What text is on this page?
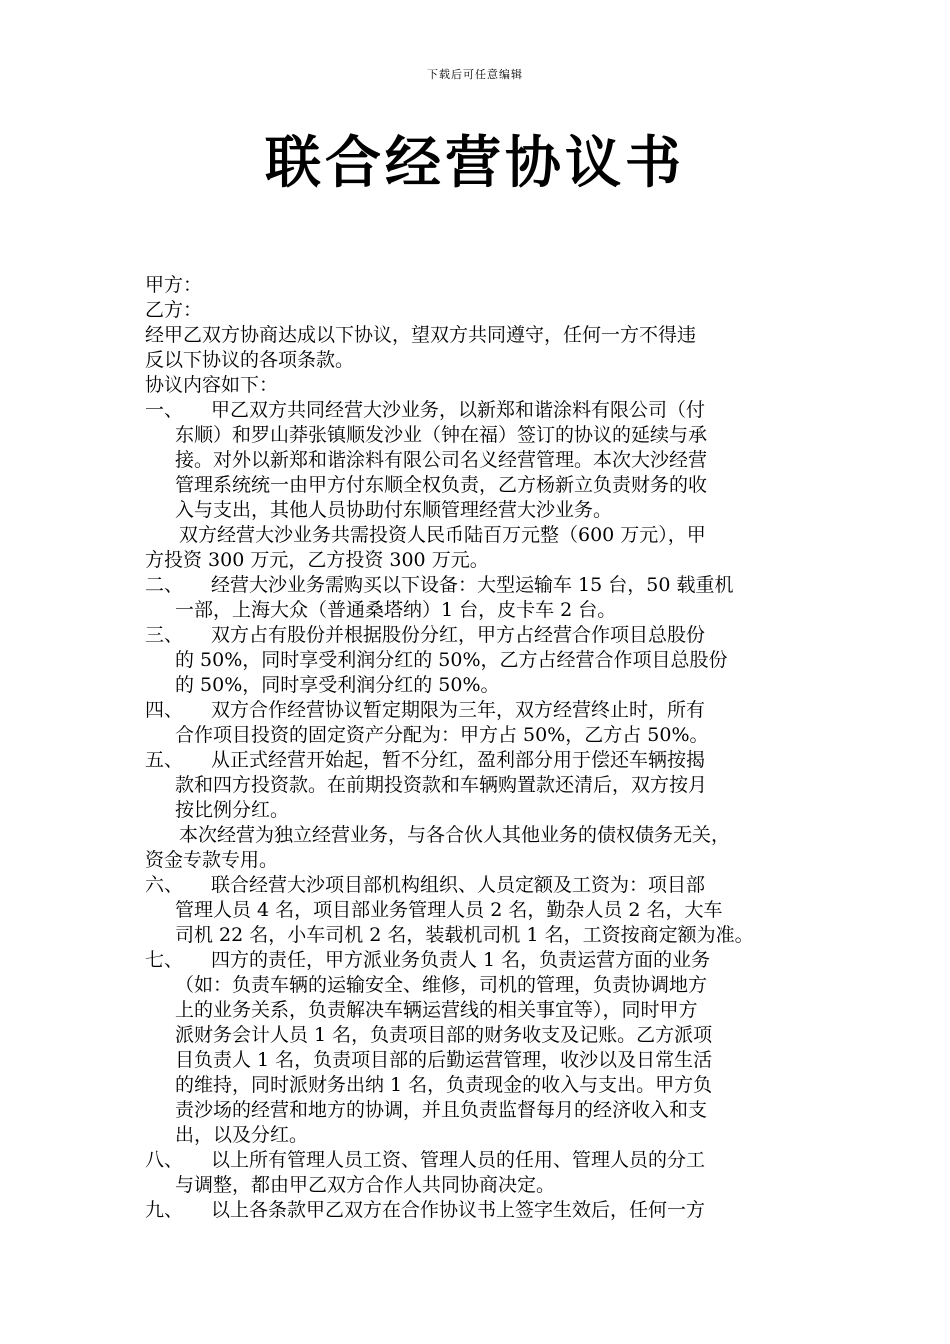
下载后可任意编辑
联合经营协议书

甲方：

乙方：

经甲乙双方协商达成以下协议，望双方共同遵守，任何一方不得违

反以下协议的各项条款。

协议内容如下：

一、	甲乙双方共同经营大沙业务，以新郑和谐涂料有限公司（付

东顺）和罗山莽张镇顺发沙业（钟在福）签订的协议的延续与承

接。对外以新郑和谐涂料有限公司名义经营管理。本次大沙经营

管理系统统一由甲方付东顺全权负责，乙方杨新立负责财务的收

入与支出，其他人员协助付东顺管理经营大沙业务。

双方经营大沙业务共需投资人民币陆百万元整（600 万元），甲

方投资 300 万元，乙方投资 300 万元。

二、	经营大沙业务需购买以下设备：大型运输车 15 台，50 载重机

一部，上海大众（普通桑塔纳）1 台，皮卡车 2 台。

三、	双方占有股份并根据股份分红，甲方占经营合作项目总股份

的 50%，同时享受利润分红的 50%，乙方占经营合作项目总股份

的 50%，同时享受利润分红的 50%。

四、	双方合作经营协议暂定期限为三年，双方经营终止时，所有

合作项目投资的固定资产分配为：甲方占 50%，乙方占 50%。

五、	从正式经营开始起，暂不分红，盈利部分用于偿还车辆按揭

款和四方投资款。在前期投资款和车辆购置款还清后，双方按月

按比例分红。

本次经营为独立经营业务，与各合伙人其他业务的债权债务无关，

资金专款专用。

六、	联合经营大沙项目部机构组织、人员定额及工资为：项目部

管理人员 4 名，项目部业务管理人员 2 名，勤杂人员 2 名，大车

司机 22 名，小车司机 2 名，装载机司机 1 名，工资按商定额为准。

七、	四方的责任，甲方派业务负责人 1 名，负责运营方面的业务

（如：负责车辆的运输安全、维修，司机的管理，负责协调地方

上的业务关系，负责解决车辆运营线的相关事宜等），同时甲方

派财务会计人员 1 名，负责项目部的财务收支及记账。乙方派项

目负责人 1 名，负责项目部的后勤运营管理，收沙以及日常生活

的维持，同时派财务出纳 1 名，负责现金的收入与支出。甲方负

责沙场的经营和地方的协调，并且负责监督每月的经济收入和支

出，以及分红。

八、	以上所有管理人员工资、管理人员的任用、管理人员的分工

与调整，都由甲乙双方合作人共同协商决定。

九、	以上各条款甲乙双方在合作协议书上签字生效后，任何一方
